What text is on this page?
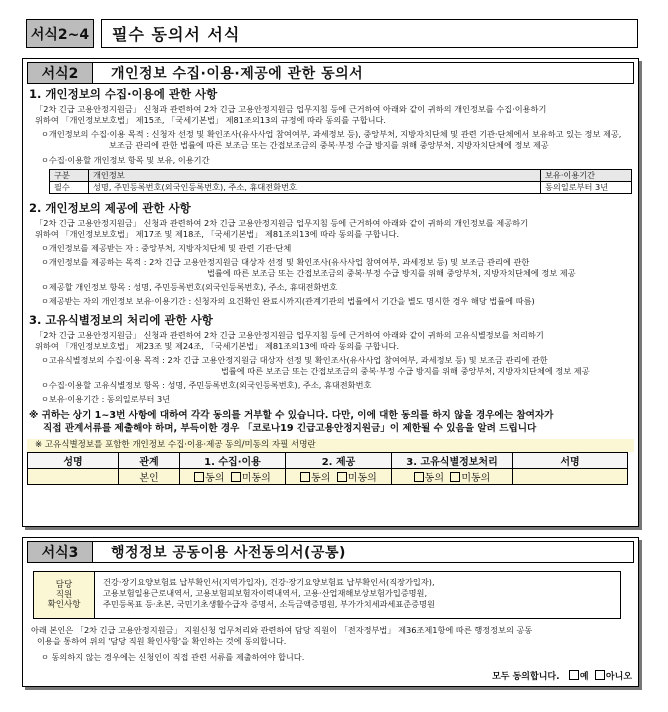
서식2~4	필수 동의서 서식
서식2	개인정보 수집·이용·제공에 관한 동의서
1. 개인정보의 수집·이용에 관한 사항
「2차 긴급 고용안정지원금」 신청과 관련하여 2차 긴급 고용안정지원금 업무지침 등에 근거하여 아래와 같이 귀하의 개인정보를 수집·이용하기
위하여 「개인정보보호법」 제15조, 「국세기본법」 제81조의13의 규정에 따라 동의를 구합니다.
ㅇ개인정보의 수집·이용 목적 : 신청자 선정 및 확인조사(유사사업 참여여부, 과세정보 등), 중앙부처, 지방자치단체 및 관련 기관·단체에서 보유하고 있는 정보 제공,
보조금 관리에 관한 법률에 따른 보조금 또는 간접보조금의 중복·부정 수급 방지를 위해 중앙부처, 지방자치단체에 정보 제공
ㅇ수집·이용할 개인정보 항목 및 보유, 이용기간
구분	개인정보	보유·이용기간
필수	성명, 주민등록번호(외국인등록번호), 주소, 휴대전화번호	동의일로부터 3년
2. 개인정보의 제공에 관한 사항
「2차 긴급 고용안정지원금」 신청과 관련하여 2차 긴급 고용안정지원금 업무지침 등에 근거하여 아래와 같이 귀하의 개인정보를 제공하기
위하여 「개인정보보호법」 제17조 및 제18조, 「국세기본법」 제81조의13에 따라 동의를 구합니다.
ㅇ개인정보를 제공받는 자 : 중앙부처, 지방자치단체 및 관련 기관·단체
ㅇ개인정보를 제공하는 목적 : 2차 긴급 고용안정지원금 대상자 선정 및 확인조사(유사사업 참여여부, 과세정보 등) 및 보조금 관리에 관한
법률에 따른 보조금 또는 간접보조금의 중복·부정 수급 방지를 위해 중앙부처, 지방자치단체에 정보 제공
ㅇ제공할 개인정보 항목 : 성명, 주민등록번호(외국인등록번호), 주소, 휴대전화번호
ㅇ제공받는 자의 개인정보 보유·이용기간 : 신청자의 요건확인 완료시까지(관계기관의 법률에서 기간을 별도 명시한 경우 해당 법률에 따름)
3. 고유식별정보의 처리에 관한 사항
「2차 긴급 고용안정지원금」 신청과 관련하여 2차 긴급 고용안정지원금 업무지침 등에 근거하여 아래와 같이 귀하의 고유식별정보를 처리하기
위하여 「개인정보보호법」 제23조 및 제24조, 「국세기본법」 제81조의13에 따라 동의를 구합니다.
ㅇ고유식별정보의 수집·이용 목적 : 2차 긴급 고용안정지원금 대상자 선정 및 확인조사(유사사업 참여여부, 과세정보 등) 및 보조금 관리에 관한
법률에 따른 보조금 또는 간접보조금의 중복·부정 수급 방지를 위해 중앙부처, 지방자치단체에 정보 제공
ㅇ수집·이용할 고유식별정보 항목 : 성명, 주민등록번호(외국인등록번호), 주소, 휴대전화번호
ㅇ보유·이용기간 : 동의일로부터 3년
※ 귀하는 상기 1~3번 사항에 대하여 각각 동의를 거부할 수 있습니다. 다만, 이에 대한 동의를 하지 않을 경우에는 참여자가
직접 관계서류를 제출해야 하며, 부득이한 경우 「코로나19 긴급고용안정지원금」이 제한될 수 있음을 알려 드립니다
※ 고유식별정보를 포함한 개인정보 수집·이용·제공 동의/미동의 자필 서명란
성명	관계	1. 수집·이용	2. 제공	3. 고유식별정보처리	서명
	본인	동의 미동의	동의 미동의	동의 미동의	
서식3	행정정보 공동이용 사전동의서(공통)
담당
직원
확인사항
건강·장기요양보험료 납부확인서(지역가입자), 건강·장기요양보험료 납부확인서(직장가입자),
고용보험일용근로내역서, 고용보험피보험자이력내역서, 고용·산업재해보상보험가입증명원,
주민등록표 등·초본, 국민기초생활수급자 증명서, 소득금액증명원, 부가가치세과세표준증명원
아래 본인은 「2차 긴급 고용안정지원금」 지원신청 업무처리와 관련하여 담당 직원이 「전자정부법」 제36조제1항에 따른 행정정보의 공동
이용을 통하여 위의 '담당 직원 확인사항'을 확인하는 것에 동의합니다.
ㅇ 동의하지 않는 경우에는 신청인이 직접 관련 서류를 제출하여야 합니다.
모두 동의합니다. 예 아니오
